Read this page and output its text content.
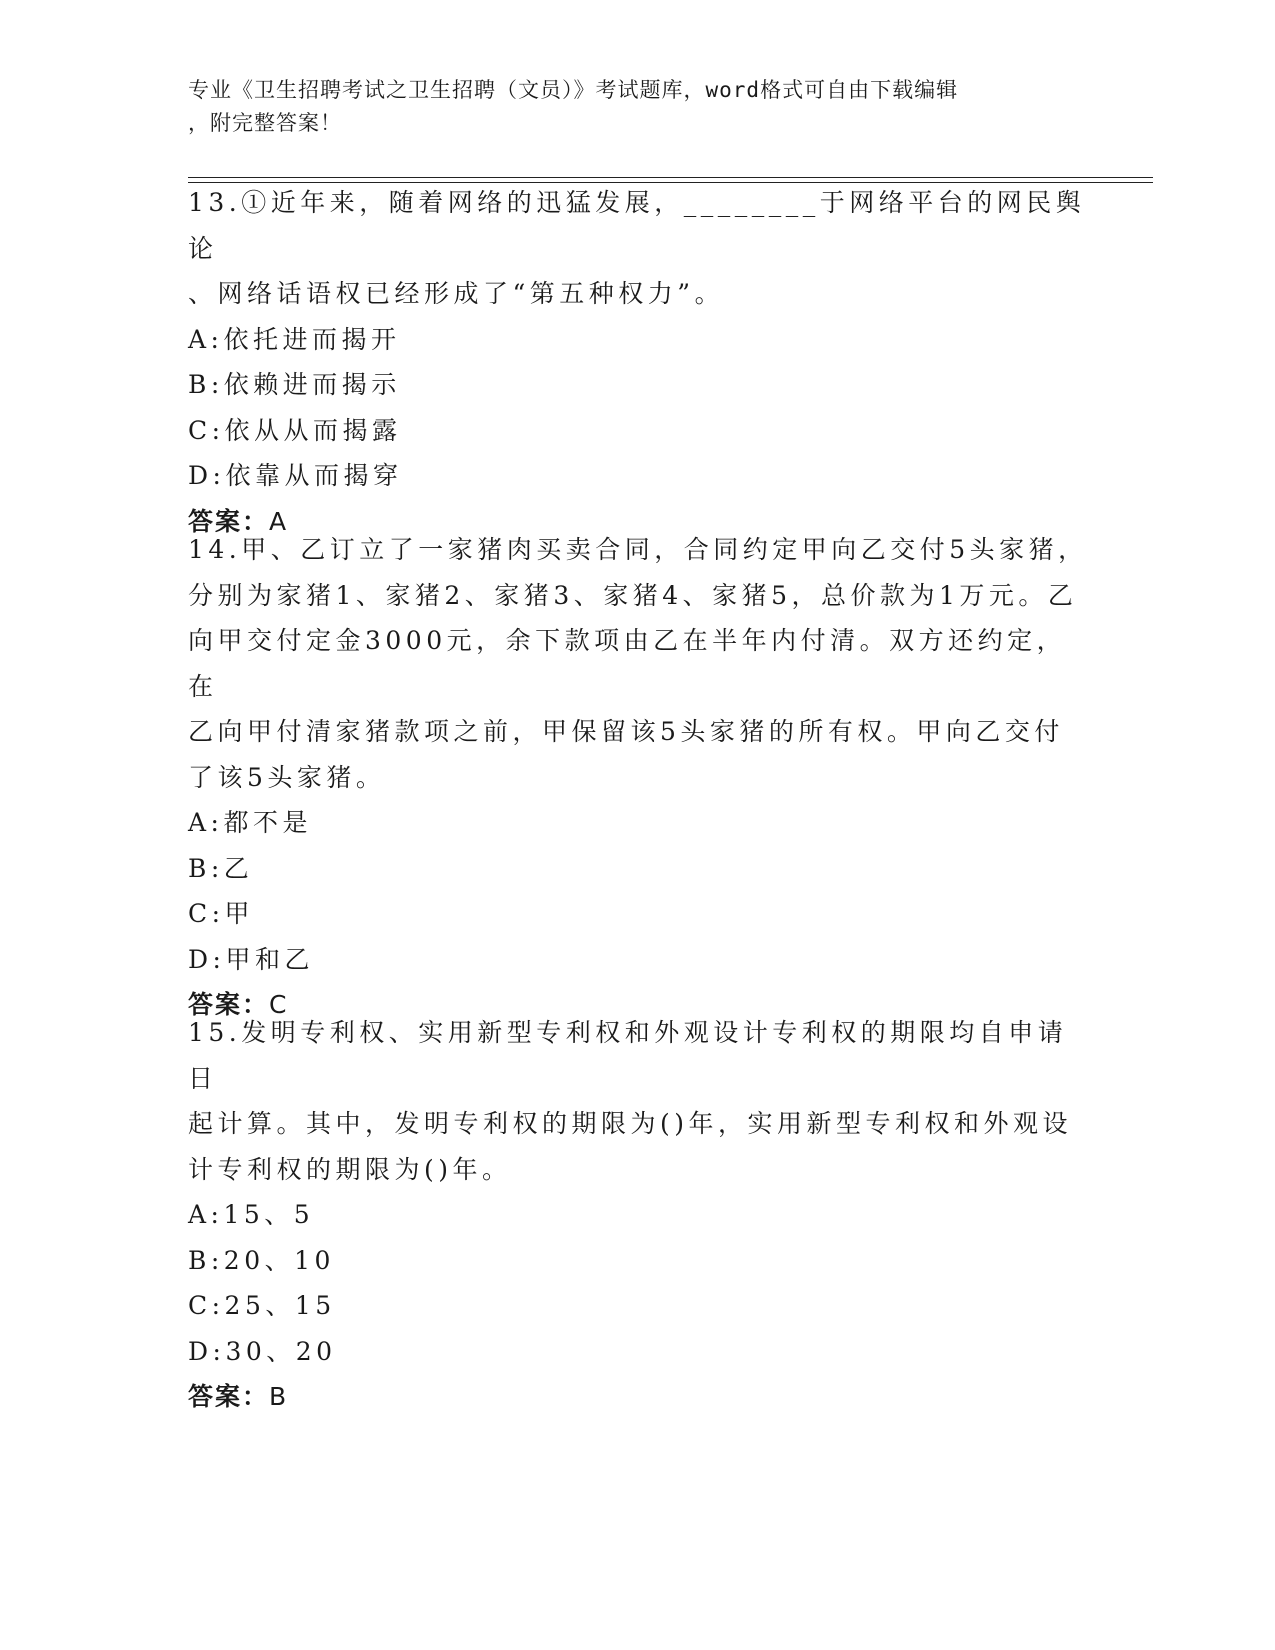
专业《卫生招聘考试之卫生招聘（文员）》考试题库，word格式可自由下载编辑
，附完整答案！

13.①近年来，随着网络的迅猛发展，________于网络平台的网民舆论

、网络话语权已经形成了“第五种权力”。

A:依托进而揭开

B:依赖进而揭示

C:依从从而揭露

D:依靠从而揭穿

答案：A

14.甲、乙订立了一家猪肉买卖合同，合同约定甲向乙交付5头家猪，

分别为家猪1、家猪2、家猪3、家猪4、家猪5，总价款为1万元。乙

向甲交付定金3000元，余下款项由乙在半年内付清。双方还约定，在

乙向甲付清家猪款项之前，甲保留该5头家猪的所有权。甲向乙交付

了该5头家猪。

A:都不是

B:乙

C:甲

D:甲和乙

答案：C

15.发明专利权、实用新型专利权和外观设计专利权的期限均自申请日

起计算。其中，发明专利权的期限为()年，实用新型专利权和外观设

计专利权的期限为()年。

A:15、5

B:20、10

C:25、15

D:30、20

答案：B
